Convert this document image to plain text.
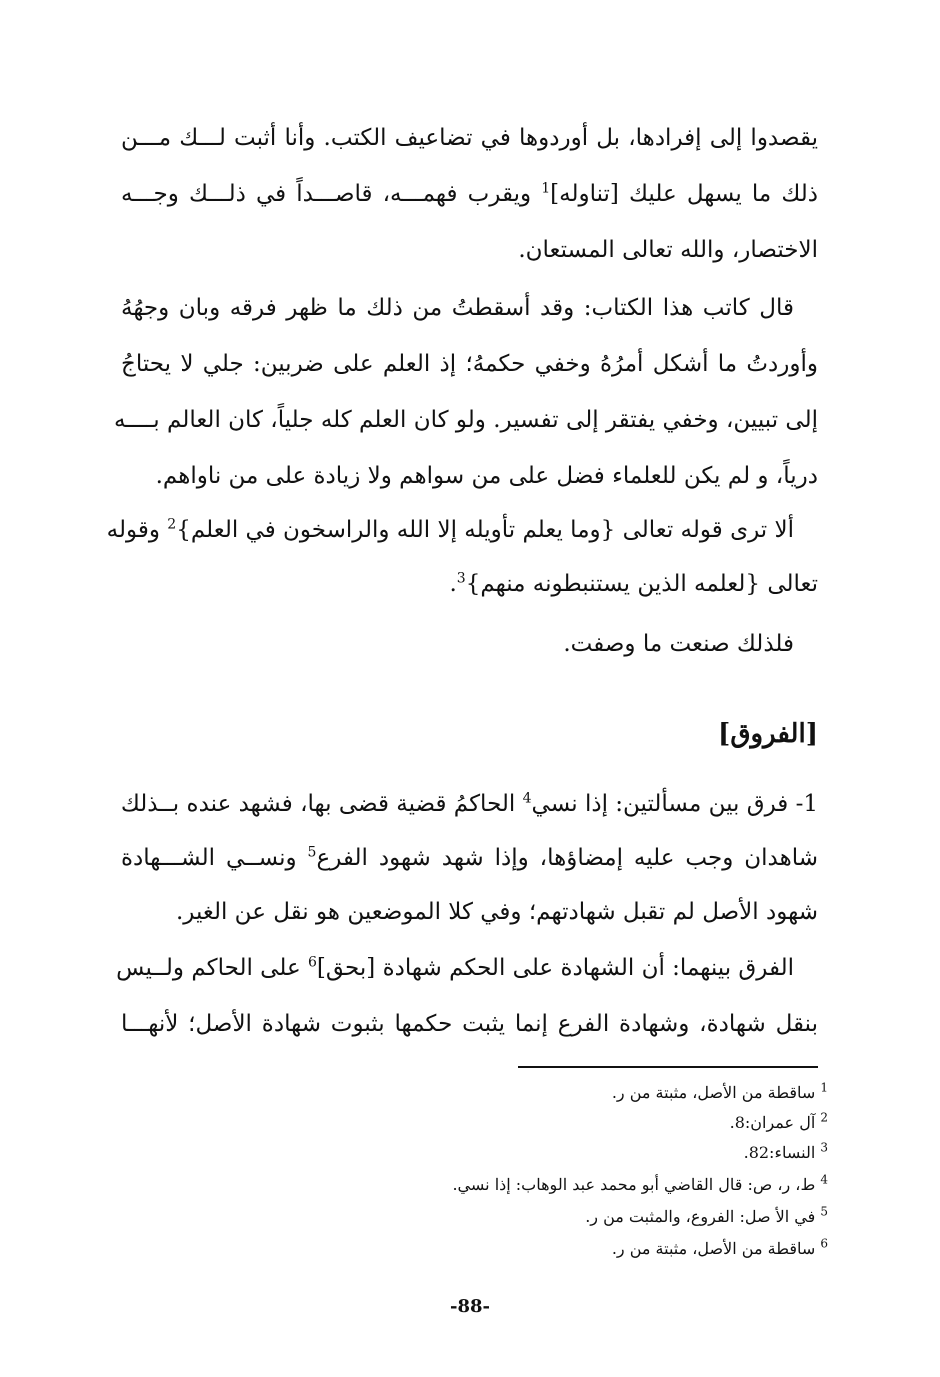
يقصدوا إلى إفرادها، بل أوردوها في تضاعيف الكتب. وأنا أثبت لـــك مـــن
ذلك ما يسهل عليك [تناوله]$^1$ ويقرب فهمـــه، قاصـــداً في ذلـــك وجـــه
الاختصار، والله تعالى المستعان.
قال كاتب هذا الكتاب: وقد أسقطتُ من ذلك ما ظهر فرقه وبان وجهُهُ
وأوردتُ ما أشكل أمرُهُ وخفي حكمهُ؛ إذ العلم على ضربين: جلي لا يحتاجُ
إلى تبيين، وخفي يفتقر إلى تفسير. ولو كان العلم كله جلياً، كان العالم بــــه
درياً، و لم يكن للعلماء فضل على من سواهم ولا زيادة على من ناواهم.
ألا ترى قوله تعالى {وما يعلم تأويله إلا الله والراسخون في العلم}$^2$ وقوله
تعالى {لعلمه الذين يستنبطونه منهم}$^3$.
فلذلك صنعت ما وصفت.
[الفروق]
1- فرق بين مسألتين: إذا نسي$^4$ الحاكمُ قضية قضى بها، فشهد عنده بــذلك
شاهدان وجب عليه إمضاؤها، وإذا شهد شهود الفرع$^5$ ونســي الشـــهادة
شهود الأصل لم تقبل شهادتهم؛ وفي كلا الموضعين هو نقل عن الغير.
الفرق بينهما: أن الشهادة على الحكم شهادة [بحق]$^6$ على الحاكم ولــيس
بنقل شهادة، وشهادة الفرع إنما يثبت حكمها بثبوت شهادة الأصل؛ لأنهـــا
$^1$ ساقطة من الأصل، مثبتة من ر.
$^2$ آل عمران:8.
$^3$ النساء:82.
$^4$ ط، ر، ص: قال القاضي أبو محمد عبد الوهاب: إذا نسي.
$^5$ في الأ صل: الفروع، والمثبت من ر.
$^6$ ساقطة من الأصل، مثبتة من ر.
-88-
